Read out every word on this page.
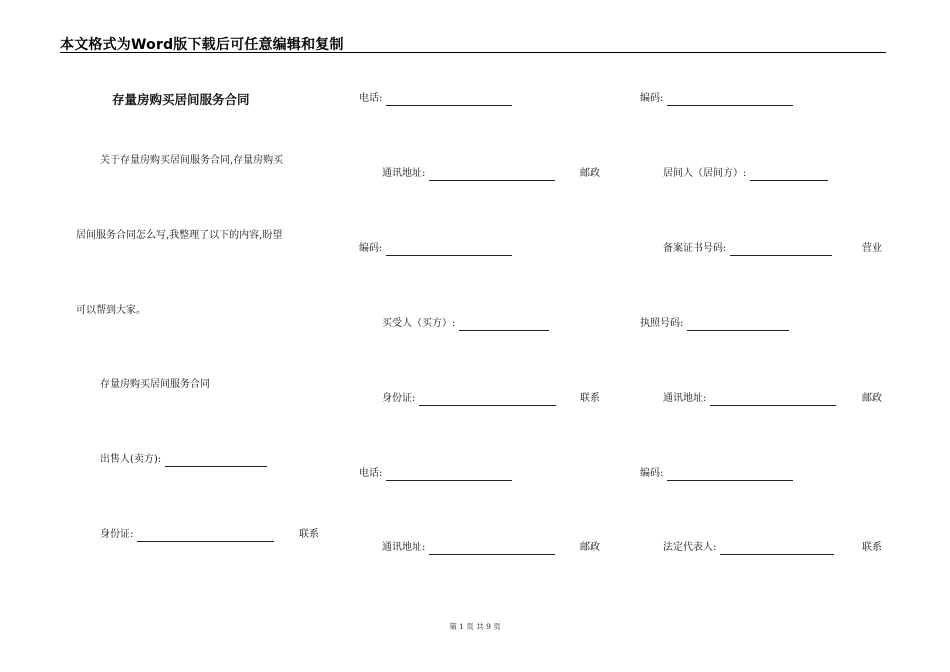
本文格式为Word版下载后可任意编辑和复制
存量房购买居间服务合同
关于存量房购买居间服务合同,存量房购买
居间服务合同怎么写,我整理了以下的内容,盼望
可以帮到大家。
存量房购买居间服务合同
出售人(卖方):
身份证:	联系
电话:
通讯地址:	邮政
编码:
买受人（买方）:
身份证:	联系
电话:
通讯地址:	邮政
编码:
居间人（居间方）:
备案证书号码:	营业
执照号码:
通讯地址:	邮政
编码:
法定代表人:	联系
第 1 页 共 9 页
